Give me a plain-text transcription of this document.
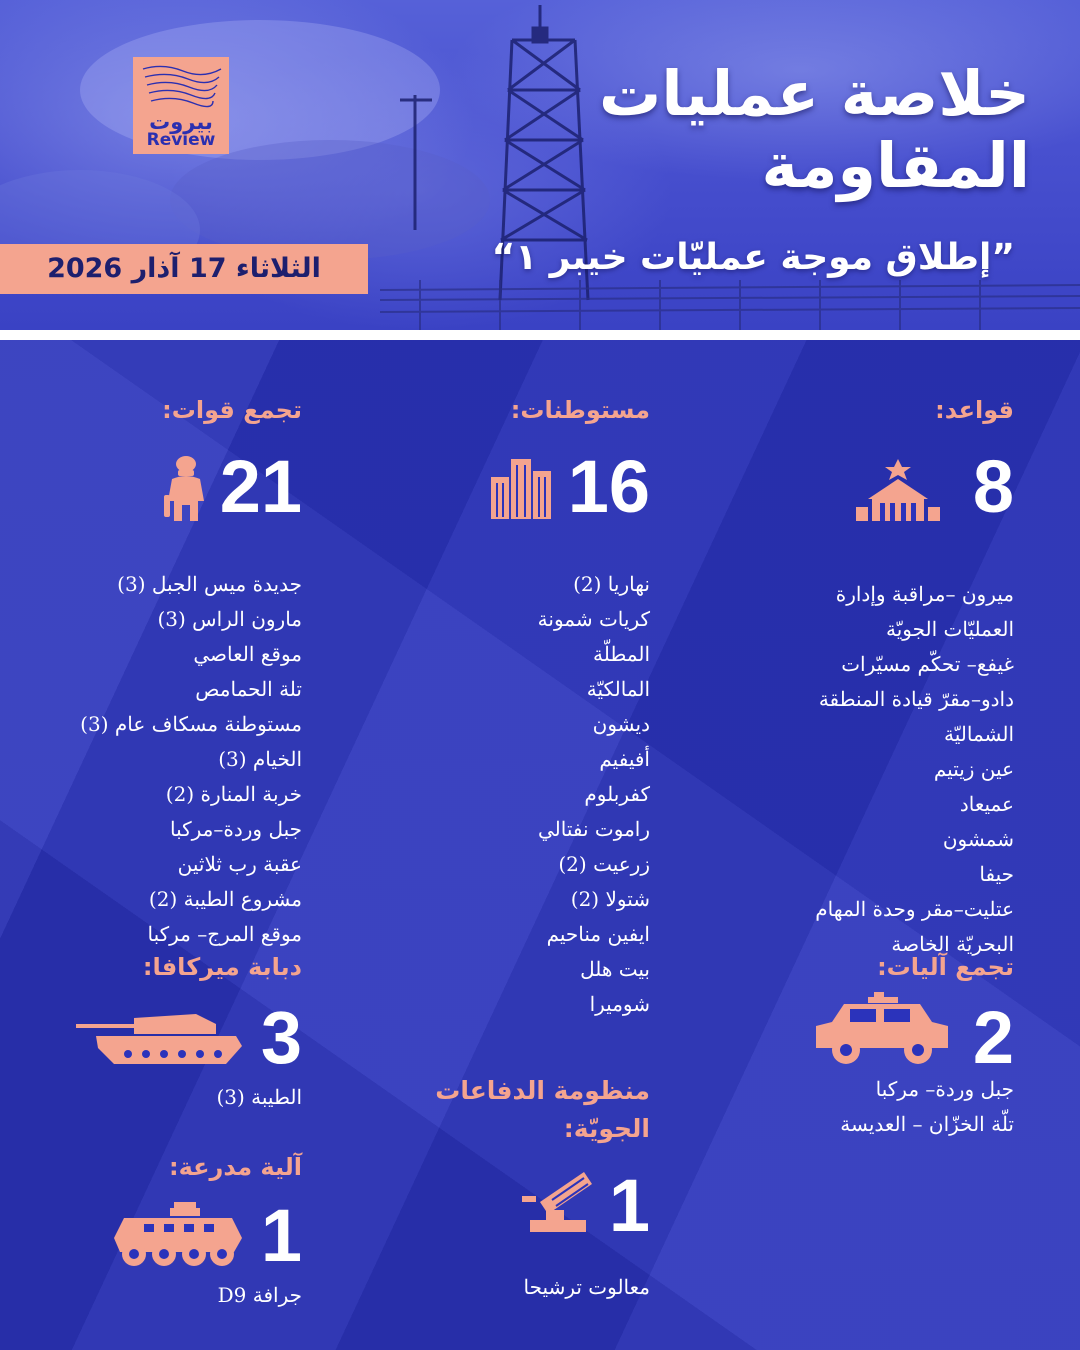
بيروت
Review
خلاصة عمليات
المقاومة
”إطلاق موجة عمليّات خيبر ١“
الثلاثاء 17 آذار 2026
قواعد:
8
ميرون –مراقبة وإدارة
العمليّات الجويّة
غيفع– تحكّم مسيّرات
دادو–مقرّ قيادة المنطقة
الشماليّة
عين زيتيم
عميعاد
شمشون
حيفا
عتليت–مقر وحدة المهام
البحريّة الخاصة
مستوطنات:
16
نهاريا (2)
كريات شمونة
المطلّة
المالكيّة
ديشون
أفيفيم
كفربلوم
راموت نفتالي
زرعيت (2)
شتولا (2)
ايفين مناحيم
بيت هلل
شوميرا
تجمع قوات:
21
جديدة ميس الجبل (3)
مارون الراس (3)
موقع العاصي
تلة الحمامص
مستوطنة مسكاف عام (3)
الخيام (3)
خربة المنارة (2)
جبل وردة–مركبا
عقبة رب ثلاثين
مشروع الطيبة (2)
موقع المرج– مركبا
تجمع آليات:
2
جبل وردة– مركبا
تلّة الخزّان – العديسة
دبابة ميركافا:
3
الطيبة (3)	منظومة الدفاعات
الجويّة:
1
معالوت ترشيحا
آلية مدرعة:
1
جرافة D9
